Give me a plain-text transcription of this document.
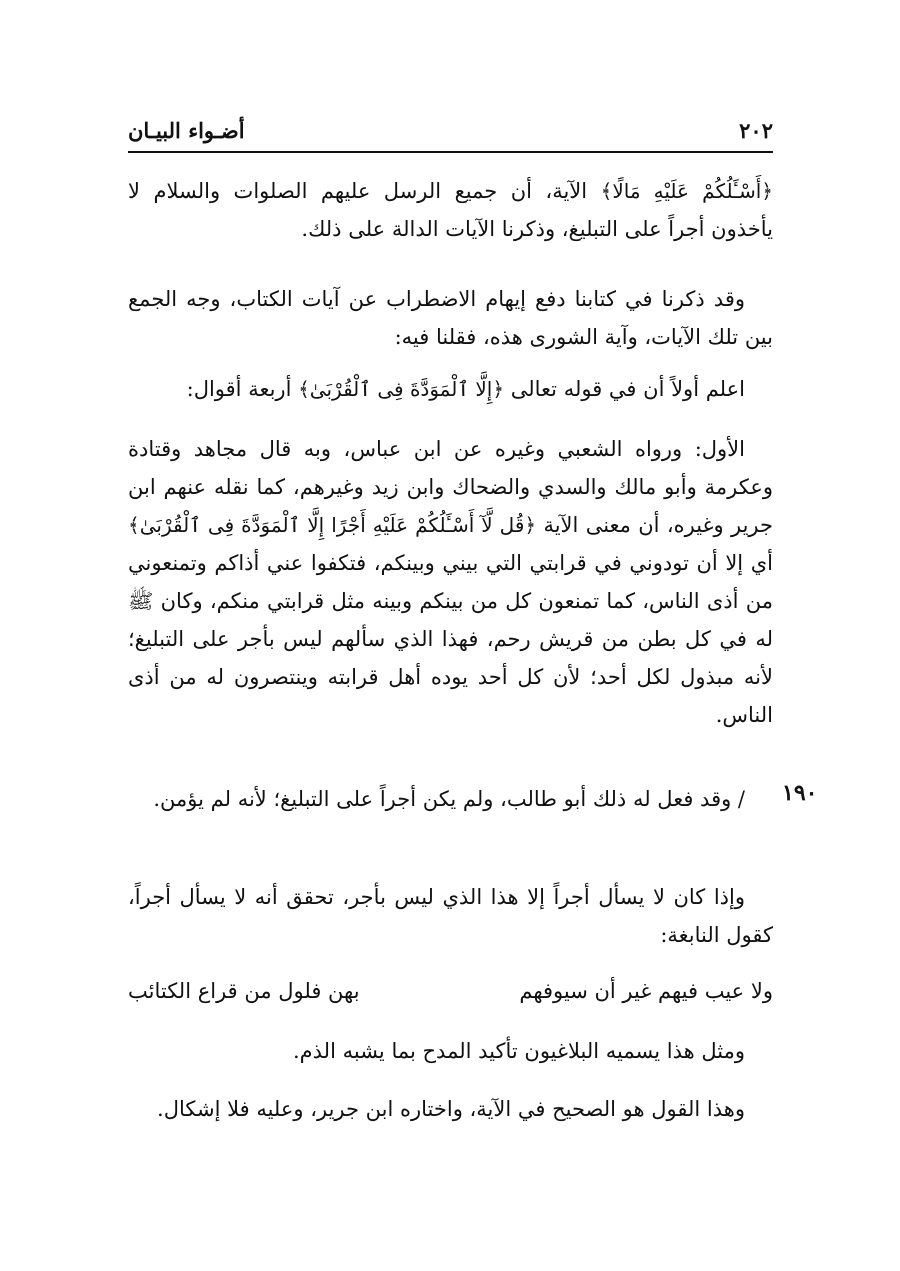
أضـواء البيـان	٢٠٢

﴿أَسْـَٔلُكُمْ عَلَيْهِ مَالًا﴾ الآية، أن جميع الرسل عليهم الصلوات والسلام لا يأخذون أجراً على التبليغ، وذكرنا الآيات الدالة على ذلك.

وقد ذكرنا في كتابنا دفع إيهام الاضطراب عن آيات الكتاب، وجه الجمع بين تلك الآيات، وآية الشورى هذه، فقلنا فيه:

اعلم أولاً أن في قوله تعالى ﴿إِلَّا ٱلْمَوَدَّةَ فِى ٱلْقُرْبَىٰ﴾ أربعة أقوال:

الأول: ورواه الشعبي وغيره عن ابن عباس، وبه قال مجاهد وقتادة وعكرمة وأبو مالك والسدي والضحاك وابن زيد وغيرهم، كما نقله عنهم ابن جرير وغيره، أن معنى الآية ﴿قُل لَّآ أَسْـَٔلُكُمْ عَلَيْهِ أَجْرًا إِلَّا ٱلْمَوَدَّةَ فِى ٱلْقُرْبَىٰ﴾ أي إلا أن تودوني في قرابتي التي بيني وبينكم، فتكفوا عني أذاكم وتمنعوني من أذى الناس، كما تمنعون كل من بينكم وبينه مثل قرابتي منكم، وكان ﷺ له في كل بطن من قريش رحم، فهذا الذي سألهم ليس بأجر على التبليغ؛ لأنه مبذول لكل أحد؛ لأن كل أحد يوده أهل قرابته وينتصرون له من أذى الناس.

١٩٠

/ وقد فعل له ذلك أبو طالب، ولم يكن أجراً على التبليغ؛ لأنه لم يؤمن.

وإذا كان لا يسأل أجراً إلا هذا الذي ليس بأجر، تحقق أنه لا يسأل أجراً، كقول النابغة:

ولا عيب فيهم غير أن سيوفهم
بهن فلول من قراع الكتائب

ومثل هذا يسميه البلاغيون تأكيد المدح بما يشبه الذم.

وهذا القول هو الصحيح في الآية، واختاره ابن جرير، وعليه فلا إشكال.
